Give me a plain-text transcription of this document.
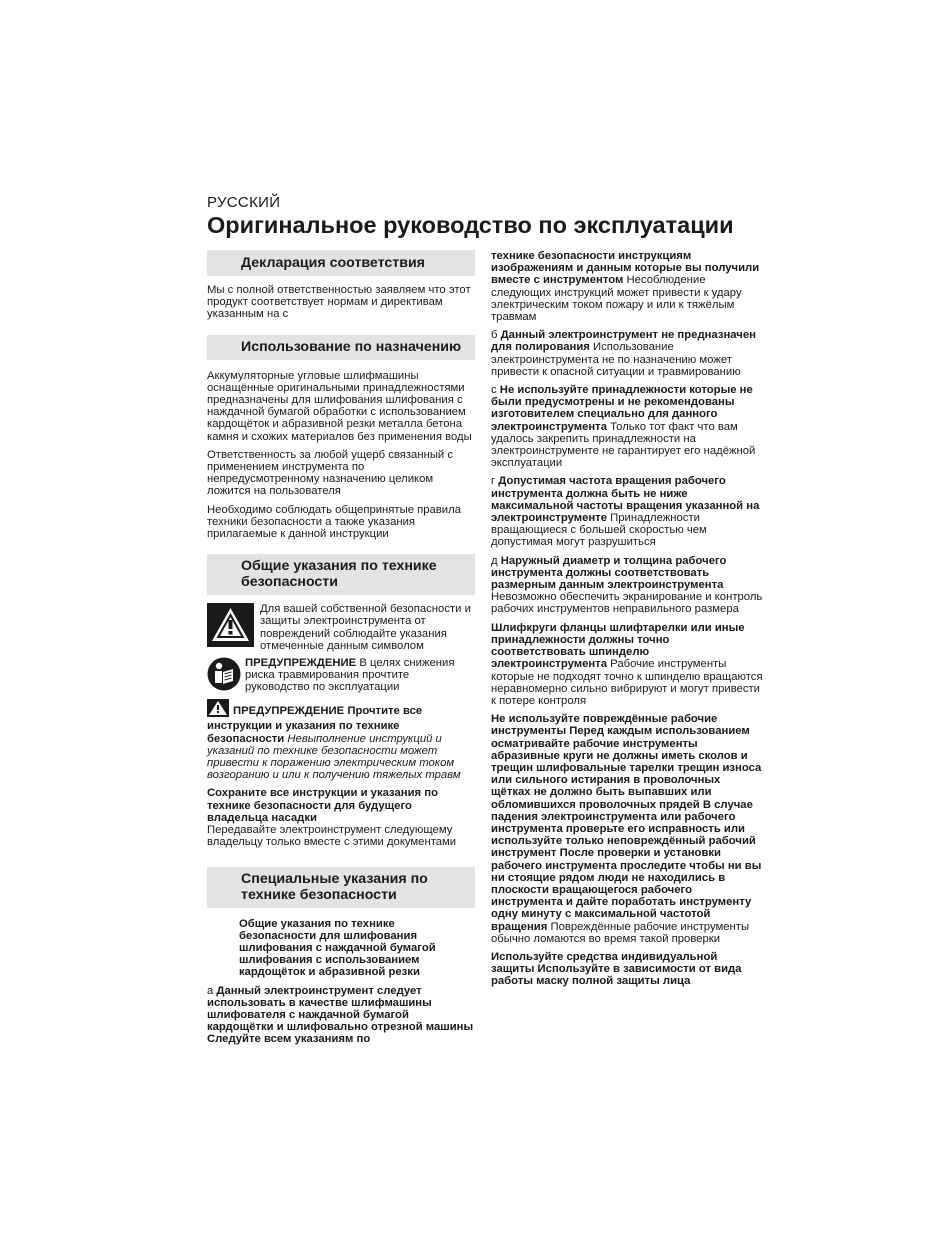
РУССКИЙ
Оригинальное руководство по эксплуатации
Декларация соответствия

Мы с полной ответственностью заявляем что этот продукт соответствует нормам и директивам указанным на с

Использование по назначению

Аккумуляторные угловые шлифмашины оснащённые оригинальными принадлежностями предназначены для шлифования шлифования с наждачной бумагой обработки с использованием кардощёток и абразивной резки металла бетона камня и схожих материалов без применения воды

Ответственность за любой ущерб связанный с применением инструмента по непредусмотренному назначению целиком ложится на пользователя

Необходимо соблюдать общепринятые правила техники безопасности а также указания прилагаемые к данной инструкции

Общие указания по технике безопасности
Для вашей собственной безопасности и защиты электроинструмента от повреждений соблюдайте указания отмеченные данным символом
ПРЕДУПРЕЖДЕНИЕ В целях снижения риска травмирования прочтите руководство по эксплуатации

ПРЕДУПРЕЖДЕНИЕ Прочтите все инструкции и указания по технике безопасности Невыполнение инструкций и указаний по технике безопасности может привести к поражению электрическим током возгоранию и или к получению тяжелых травм

Сохраните все инструкции и указания по технике безопасности для будущего владельца насадки
Передавайте электроинструмент следующему владельцу только вместе с этими документами

Специальные указания по технике безопасности

Общие указания по технике безопасности для шлифования шлифования с наждачной бумагой шлифования с использованием кардощёток и абразивной резки

а Данный электроинструмент следует использовать в качестве шлифмашины шлифователя с наждачной бумагой кардощётки и шлифовально отрезной машины Следуйте всем указаниям по

технике безопасности инструкциям изображениям и данным которые вы получили вместе с инструментом Несоблюдение следующих инструкций может привести к удару электрическим током пожару и или к тяжёлым травмам

б Данный электроинструмент не предназначен для полирования Использование электроинструмента не по назначению может привести к опасной ситуации и травмированию

с Не используйте принадлежности которые не были предусмотрены и не рекомендованы изготовителем специально для данного электроинструмента Только тот факт что вам удалось закрепить принадлежности на электроинструменте не гарантирует его надёжной эксплуатации

г Допустимая частота вращения рабочего инструмента должна быть не ниже максимальной частоты вращения указанной на электроинструменте Принадлежности вращающиеся с большей скоростью чем допустимая могут разрушиться

д Наружный диаметр и толщина рабочего инструмента должны соответствовать размерным данным электроинструмента Невозможно обеспечить экранирование и контроль рабочих инструментов неправильного размера

Шлифкруги фланцы шлифтарелки или иные принадлежности должны точно соответствовать шпинделю электроинструмента Рабочие инструменты которые не подходят точно к шпинделю вращаются неравномерно сильно вибрируют и могут привести к потере контроля

Не используйте повреждённые рабочие инструменты Перед каждым использованием осматривайте рабочие инструменты абразивные круги не должны иметь сколов и трещин шлифовальные тарелки трещин износа или сильного истирания в проволочных щётках не должно быть выпавших или обломившихся проволочных прядей В случае падения электроинструмента или рабочего инструмента проверьте его исправность или используйте только неповреждённый рабочий инструмент После проверки и установки рабочего инструмента проследите чтобы ни вы ни стоящие рядом люди не находились в плоскости вращающегося рабочего инструмента и дайте поработать инструменту одну минуту с максимальной частотой вращения Повреждённые рабочие инструменты обычно ломаются во время такой проверки

Используйте средства индивидуальной защиты Используйте в зависимости от вида работы маску полной защиты лица
